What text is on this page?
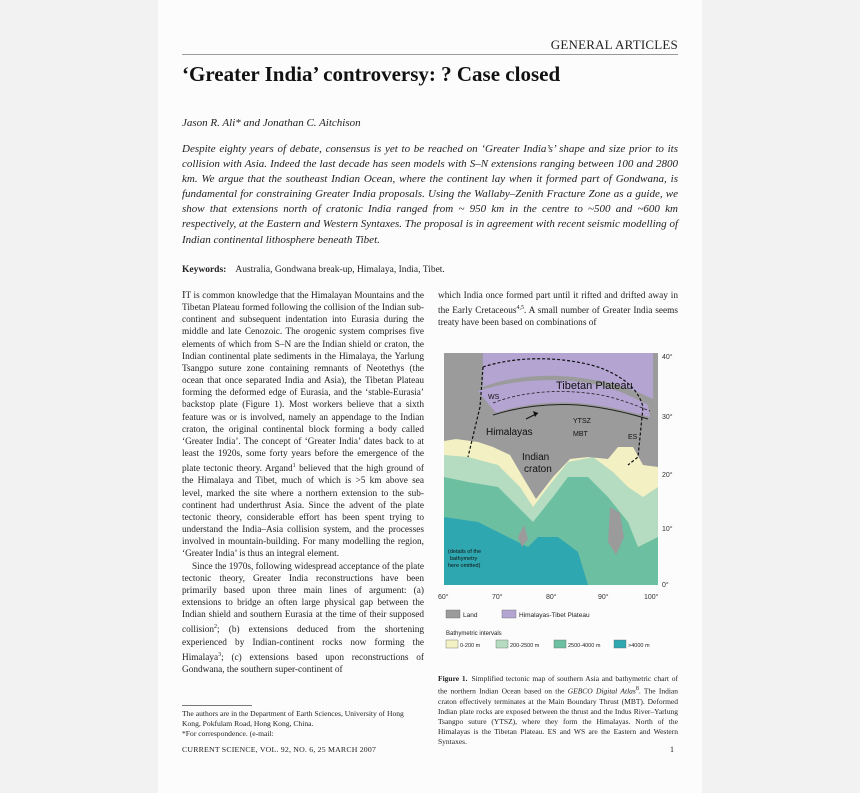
GENERAL ARTICLES
‘Greater India’ controversy: ? Case closed
Jason R. Ali* and Jonathan C. Aitchison
Despite eighty years of debate, consensus is yet to be reached on ‘Greater India’s’ shape and size prior to its collision with Asia. Indeed the last decade has seen models with S–N extensions ranging between 100 and 2800 km. We argue that the southeast Indian Ocean, where the continent lay when it formed part of Gondwana, is fundamental for constraining Greater India proposals. Using the Wallaby–Zenith Fracture Zone as a guide, we show that extensions north of cratonic India ranged from ~ 950 km in the centre to ~500 and ~600 km respectively, at the Eastern and Western Syntaxes. The proposal is in agreement with recent seismic modelling of Indian continental lithosphere beneath Tibet.
Keywords: Australia, Gondwana break-up, Himalaya, India, Tibet.

IT is common knowledge that the Himalayan Mountains and the Tibetan Plateau formed following the collision of the Indian sub-continent and subsequent indentation into Eurasia during the middle and late Cenozoic. The orogenic system comprises five elements of which from S–N are the Indian shield or craton, the Indian continental plate sediments in the Himalaya, the Yarlung Tsangpo suture zone containing remnants of Neotethys (the ocean that once separated India and Asia), the Tibetan Plateau forming the deformed edge of Eurasia, and the ‘stable-Eurasia’ backstop plate (Figure 1). Most workers believe that a sixth feature was or is involved, namely an appendage to the Indian craton, the original continental block forming a body called ‘Greater India’. The concept of ‘Greater India’ dates back to at least the 1920s, some forty years before the emergence of the plate tectonic theory. Argand$^1$ believed that the high ground of the Himalaya and Tibet, much of which is >5 km above sea level, marked the site where a northern extension to the sub-continent had underthrust Asia. Since the advent of the plate tectonic theory, considerable effort has been spent trying to understand the India–Asia collision system, and the processes involved in mountain-building. For many modelling the region, ‘Greater India’ is thus an integral element.

Since the 1970s, following widespread acceptance of the plate tectonic theory, Greater India reconstructions have been primarily based upon three main lines of argument: (a) extensions to bridge an often large physical gap between the Indian shield and southern Eurasia at the time of their supposed collision$^2$; (b) extensions deduced from the shortening experienced by Indian-continent rocks now forming the Himalaya$^3$; (c) extensions based upon reconstructions of Gondwana, the southern super-continent of

which India once formed part until it rifted and drifted away in the Early Cretaceous$^{4,5}$. A small number of Greater India seems treaty have been based on combinations of

Tibetan Plateau
Himalayas
Indian
craton
WS
ES
YTSZ
MBT
(details of the
bathymetry
here omitted)
40°
30°
20°
10°
0°
60°	70°	80°	90°	100°
Land	Himalayas-Tibet Plateau
Bathymetric intervals
0-200 m	200-2500 m	2500-4000 m	>4000 m
Figure 1. Simplified tectonic map of southern Asia and bathymetric chart of the northern Indian Ocean based on the GEBCO Digital Atlas$^8$. The Indian craton effectively terminates at the Main Boundary Thrust (MBT). Deformed Indian plate rocks are exposed between the thrust and the Indus River–Yarlung Tsangpo suture (YTSZ), where they form the Himalayas. North of the Himalayas is the Tibetan Plateau. ES and WS are the Eastern and Western Syntaxes.

The authors are in the Department of Earth Sciences, University of Hong Kong, Pokfulam Road, Hong Kong, China.

*For correspondence. (e-mail:

CURRENT SCIENCE, VOL. 92, NO. 6, 25 MARCH 2007	1
